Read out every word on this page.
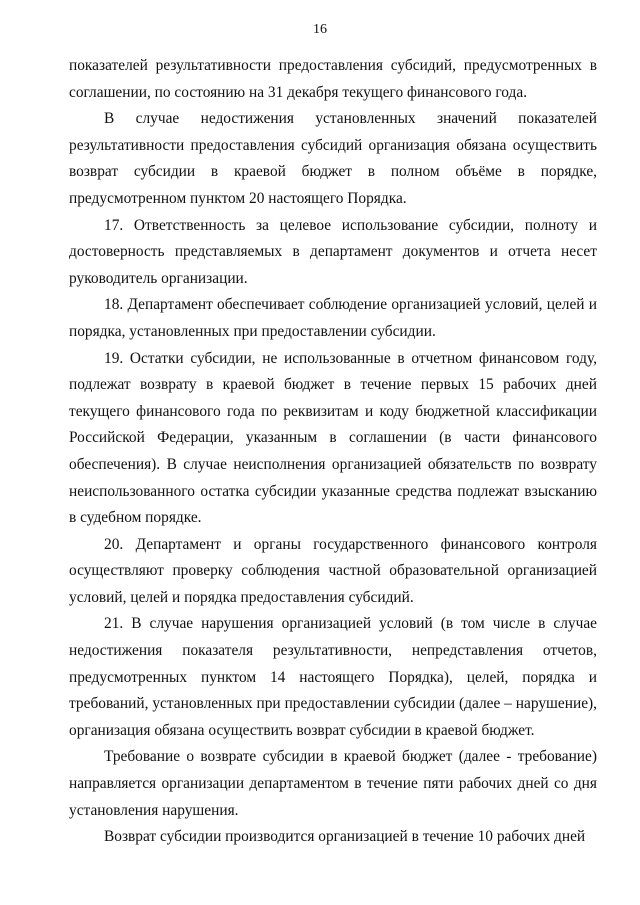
16

показателей результативности предоставления субсидий, предусмотренных в соглашении, по состоянию на 31 декабря текущего финансового года.

В случае недостижения установленных значений показателей результативности предоставления субсидий организация обязана осуществить возврат субсидии в краевой бюджет в полном объёме в порядке, предусмотренном пунктом 20 настоящего Порядка.

17. Ответственность за целевое использование субсидии, полноту и достоверность представляемых в департамент документов и отчета несет руководитель организации.

18. Департамент обеспечивает соблюдение организацией условий, целей и порядка, установленных при предоставлении субсидии.

19. Остатки субсидии, не использованные в отчетном финансовом году, подлежат возврату в краевой бюджет в течение первых 15 рабочих дней текущего финансового года по реквизитам и коду бюджетной классификации Российской Федерации, указанным в соглашении (в части финансового обеспечения). В случае неисполнения организацией обязательств по возврату неиспользованного остатка субсидии указанные средства подлежат взысканию в судебном порядке.

20. Департамент и органы государственного финансового контроля осуществляют проверку соблюдения частной образовательной организацией условий, целей и порядка предоставления субсидий.

21. В случае нарушения организацией условий (в том числе в случае недостижения показателя результативности, непредставления отчетов, предусмотренных пунктом 14 настоящего Порядка), целей, порядка и требований, установленных при предоставлении субсидии (далее – нарушение), организация обязана осуществить возврат субсидии в краевой бюджет.

Требование о возврате субсидии в краевой бюджет (далее - требование) направляется организации департаментом в течение пяти рабочих дней со дня установления нарушения.

Возврат субсидии производится организацией в течение 10 рабочих дней
